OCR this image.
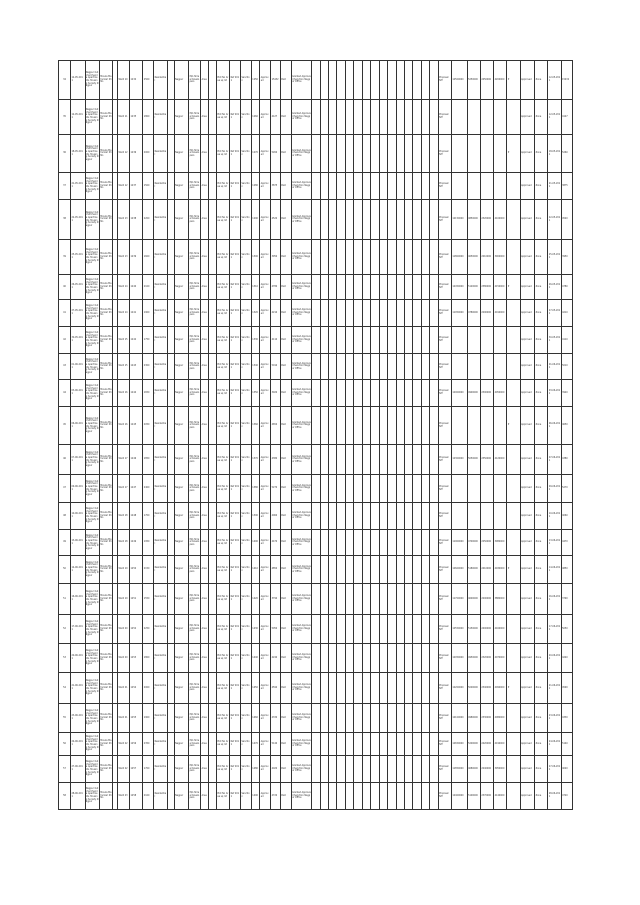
34	12-05-2011	Nagpur Kutcha Khande Apartments Housing Society Nagpur	Mouza Mahurzari Kh No		Ward 10	1234	2500	Residential		Nagpur	M/s Shree Developers	Area		Plot No Area sq mt	Ref 2011	Sanction	1250	Approved	15432	Paid	Granted Approved Sanction Nagpur Office																Proposal NIT	12500000	5250000	2450000	4200000	P	Approved	Zone	12-05-2011	15432
35	12-05-2011	Nagpur Kutcha Khande Apartments Housing Society Nagpur	Mouza Mahurzari Kh No		Ward 11	1235	1800	Residential		Nagpur	M/s Shree Developers	Area		Plot No Area sq mt	Ref 2011	Sanction	1260	Approved	4127	Paid	Granted Approved Sanction Nagpur Office																Proposal NIT						Approved	Zone	12-05-2011	4127
36	18-05-2011	Nagpur Kutcha Khande Apartments Housing Society Nagpur	Mouza Mahurzari Kh No		Ward 12	1236	2000	Residential		Nagpur	M/s Shree Developers	Area		Plot No Area sq mt	Ref 2011	Sanction	1270	Approved	5260	Paid	Granted Approved Sanction Nagpur Office																Proposal NIT					P	Approved	Zone	18-05-2011	5260
37	21-05-2011	Nagpur Kutcha Khande Apartments Housing Society Nagpur	Mouza Mahurzari Kh No		Ward 12	1237	1500	Residential		Nagpur	M/s Shree Developers	Area		Plot No Area sq mt	Ref 2011	Sanction	1280	Approved	3875	Paid	Granted Approved Sanction Nagpur Office																Proposal NIT						Approved	Zone	21-05-2011	3875
38	22-05-2011	Nagpur Kutcha Khande Apartments Housing Society Nagpur	Mouza Mahurzari Kh No		Ward 13	1238	2200	Residential		Nagpur	M/s Shree Developers	Area		Plot No Area sq mt	Ref 2011	Sanction	1290	Approved	4520	Paid	Granted Approved Sanction Nagpur Office																Proposal NIT	12150000	4850000	2320000	4100000		Approved	Zone	22-05-2011	4520
39	25-05-2011	Nagpur Kutcha Khande Apartments Housing Society Nagpur	Mouza Mahurzari Kh No		Ward 13	1239	1600	Residential		Nagpur	M/s Shree Developers	Area		Plot No Area sq mt	Ref 2011	Sanction	1300	Approved	3950	Paid	Granted Approved Sanction Nagpur Office																Proposal NIT	11800000	4650000	2210000	3900000		Approved	Zone	25-05-2011	3950
40	26-05-2011	Nagpur Kutcha Khande Apartments Housing Society Nagpur	Mouza Mahurzari Kh No		Ward 14	1240	2100	Residential		Nagpur	M/s Shree Developers	Area		Plot No Area sq mt	Ref 2011	Sanction	1310	Approved	4780	Paid	Granted Approved Sanction Nagpur Office																Proposal NIT	12450000	5120000	2380000	4150000	P	Approved	Zone	26-05-2011	4780
41	27-05-2011	Nagpur Kutcha Khande Apartments Housing Society Nagpur	Mouza Mahurzari Kh No		Ward 14	1241	1900	Residential		Nagpur	M/s Shree Developers	Area		Plot No Area sq mt	Ref 2011	Sanction	1320	Approved	4210	Paid	Granted Approved Sanction Nagpur Office																Proposal NIT	11950000	4780000	2290000	4010000		Approved	Zone	27-05-2011	4210
42	30-05-2011	Nagpur Kutcha Khande Apartments Housing Society Nagpur	Mouza Mahurzari Kh No		Ward 15	1242	1750	Residential		Nagpur	M/s Shree Developers	Area		Plot No Area sq mt	Ref 2011	Sanction	1330	Approved	4110	Paid	Granted Approved Sanction Nagpur Office																Proposal NIT						Approved	Zone	30-05-2011	4110
43	01-06-2011	Nagpur Kutcha Khande Apartments Housing Society Nagpur	Mouza Mahurzari Kh No		Ward 15	1243	2300	Residential		Nagpur	M/s Shree Developers	Area		Plot No Area sq mt	Ref 2011	Sanction	1340	Approved	5010	Paid	Granted Approved Sanction Nagpur Office																Proposal NIT						Approved	Zone	01-06-2011	5010
44	03-06-2011	Nagpur Kutcha Khande Apartments Housing Society Nagpur	Mouza Mahurzari Kh No		Ward 16	1244	1650	Residential		Nagpur	M/s Shree Developers	Area		Plot No Area sq mt	Ref 2011	Sanction	1350	Approved	3920	Paid	Granted Approved Sanction Nagpur Office																Proposal NIT	12000000	4900000	2300000	4050000		Approved	Zone	03-06-2011	3920
45	06-06-2011	Nagpur Kutcha Khande Apartments Housing Society Nagpur	Mouza Mahurzari Kh No		Ward 16	1245	2050	Residential		Nagpur	M/s Shree Developers	Area		Plot No Area sq mt	Ref 2011	Sanction	1360	Approved	4650	Paid	Granted Approved Sanction Nagpur Office																Proposal NIT					P	Approved	Zone	06-06-2011	4650
46	07-06-2011	Nagpur Kutcha Khande Apartments Housing Society Nagpur	Mouza Mahurzari Kh No		Ward 17	1246	1850	Residential		Nagpur	M/s Shree Developers	Area		Plot No Area sq mt	Ref 2011	Sanction	1370	Approved	4380	Paid	Granted Approved Sanction Nagpur Office																Proposal NIT	12300000	5050000	2350000	4120000		Approved	Zone	07-06-2011	4380
47	09-06-2011	Nagpur Kutcha Khande Apartments Housing Society Nagpur	Mouza Mahurzari Kh No		Ward 17	1247	2400	Residential		Nagpur	M/s Shree Developers	Area		Plot No Area sq mt	Ref 2011	Sanction	1380	Approved	5270	Paid	Granted Approved Sanction Nagpur Office																Proposal NIT						Approved	Zone	09-06-2011	5270
48	10-06-2011	Nagpur Kutcha Khande Apartments Housing Society Nagpur	Mouza Mahurzari Kh No		Ward 18	1248	1700	Residential		Nagpur	M/s Shree Developers	Area		Plot No Area sq mt	Ref 2011	Sanction	1390	Approved	4060	Paid	Granted Approved Sanction Nagpur Office																Proposal NIT						Approved	Zone	10-06-2011	4060
49	13-06-2011	Nagpur Kutcha Khande Apartments Housing Society Nagpur	Mouza Mahurzari Kh No		Ward 18	1249	1950	Residential		Nagpur	M/s Shree Developers	Area		Plot No Area sq mt	Ref 2011	Sanction	1400	Approved	4470	Paid	Granted Approved Sanction Nagpur Office																Proposal NIT	11900000	4700000	2250000	3980000		Approved	Zone	13-06-2011	4470
50	14-06-2011	Nagpur Kutcha Khande Apartments Housing Society Nagpur	Mouza Mahurzari Kh No		Ward 19	1250	2150	Residential		Nagpur	M/s Shree Developers	Area		Plot No Area sq mt	Ref 2011	Sanction	1410	Approved	4850	Paid	Granted Approved Sanction Nagpur Office																Proposal NIT	12600000	5180000	2410000	4180000	P	Approved	Zone	14-06-2011	4850
51	16-06-2011	Nagpur Kutcha Khande Apartments Housing Society Nagpur	Mouza Mahurzari Kh No		Ward 19	1251	1550	Residential		Nagpur	M/s Shree Developers	Area		Plot No Area sq mt	Ref 2011	Sanction	1420	Approved	3790	Paid	Granted Approved Sanction Nagpur Office																Proposal NIT	11700000	4600000	2200000	3880000		Approved	Zone	16-06-2011	3790
52	17-06-2011	Nagpur Kutcha Khande Apartments Housing Society Nagpur	Mouza Mahurzari Kh No		Ward 20	1252	2250	Residential		Nagpur	M/s Shree Developers	Area		Plot No Area sq mt	Ref 2011	Sanction	1430	Approved	5050	Paid	Granted Approved Sanction Nagpur Office																Proposal NIT	12550000	5150000	2400000	4160000		Approved	Zone	17-06-2011	5050
53	20-06-2011	Nagpur Kutcha Khande Apartments Housing Society Nagpur	Mouza Mahurzari Kh No		Ward 20	1253	1800	Residential		Nagpur	M/s Shree Developers	Area		Plot No Area sq mt	Ref 2011	Sanction	1440	Approved	4240	Paid	Granted Approved Sanction Nagpur Office																Proposal NIT	12050000	4950000	2320000	4070000		Approved	Zone	20-06-2011	4240
54	21-06-2011	Nagpur Kutcha Khande Apartments Housing Society Nagpur	Mouza Mahurzari Kh No		Ward 21	1254	2000	Residential		Nagpur	M/s Shree Developers	Area		Plot No Area sq mt	Ref 2011	Sanction	1450	Approved	4590	Paid	Granted Approved Sanction Nagpur Office																Proposal NIT	12200000	5000000	2340000	4090000	P	Approved	Zone	21-06-2011	4590
55	23-06-2011	Nagpur Kutcha Khande Apartments Housing Society Nagpur	Mouza Mahurzari Kh No		Ward 21	1255	1900	Residential		Nagpur	M/s Shree Developers	Area		Plot No Area sq mt	Ref 2011	Sanction	1460	Approved	4330	Paid	Granted Approved Sanction Nagpur Office																Proposal NIT	12100000	4980000	2330000	4080000		Approved	Zone	23-06-2011	4330
56	24-06-2011	Nagpur Kutcha Khande Apartments Housing Society Nagpur	Mouza Mahurzari Kh No		Ward 22	1256	2350	Residential		Nagpur	M/s Shree Developers	Area		Plot No Area sq mt	Ref 2011	Sanction	1470	Approved	5140	Paid	Granted Approved Sanction Nagpur Office																Proposal NIT	12650000	5200000	2420000	4190000		Approved	Zone	24-06-2011	5140
57	27-06-2011	Nagpur Kutcha Khande Apartments Housing Society Nagpur	Mouza Mahurzari Kh No		Ward 22	1257	1700	Residential		Nagpur	M/s Shree Developers	Area		Plot No Area sq mt	Ref 2011	Sanction	1480	Approved	4020	Paid	Granted Approved Sanction Nagpur Office																Proposal NIT	11850000	4680000	2240000	3950000		Approved	Zone	27-06-2011	4020
58	28-06-2011	Nagpur Kutcha Khande Apartments Housing Society Nagpur	Mouza Mahurzari Kh No		Ward 23	1258	2100	Residential		Nagpur	M/s Shree Developers	Area		Plot No Area sq mt	Ref 2011	Sanction	1490	Approved	4720	Paid	Granted Approved Sanction Nagpur Office																Proposal NIT	12400000	5100000	2370000	4140000		Approved	Zone	28-06-2011	4720
